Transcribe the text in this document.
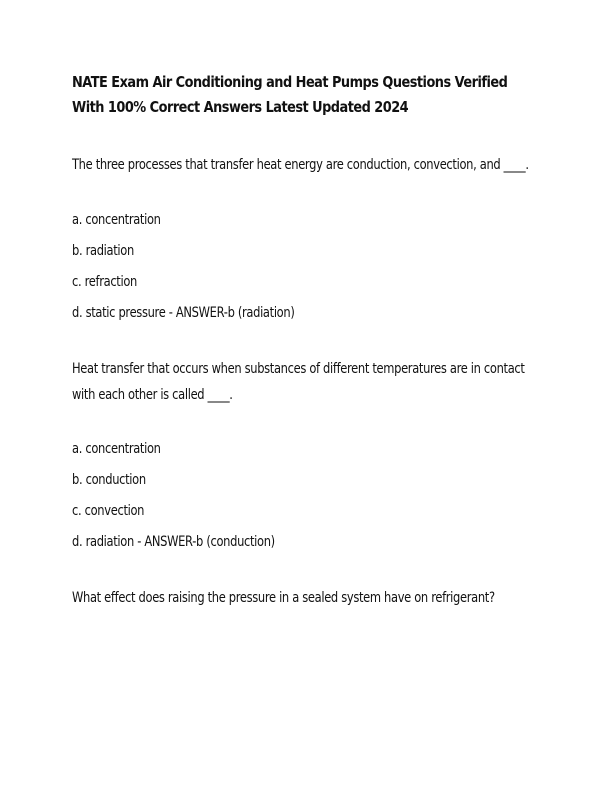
NATE Exam Air Conditioning and Heat Pumps Questions Verified With 100% Correct Answers Latest Updated 2024

The three processes that transfer heat energy are conduction, convection, and ____.

a. concentration

b. radiation

c. refraction

d. static pressure - ANSWER-b (radiation)

Heat transfer that occurs when substances of different temperatures are in contact with each other is called ____.

a. concentration

b. conduction

c. convection

d. radiation - ANSWER-b (conduction)

What effect does raising the pressure in a sealed system have on refrigerant?
